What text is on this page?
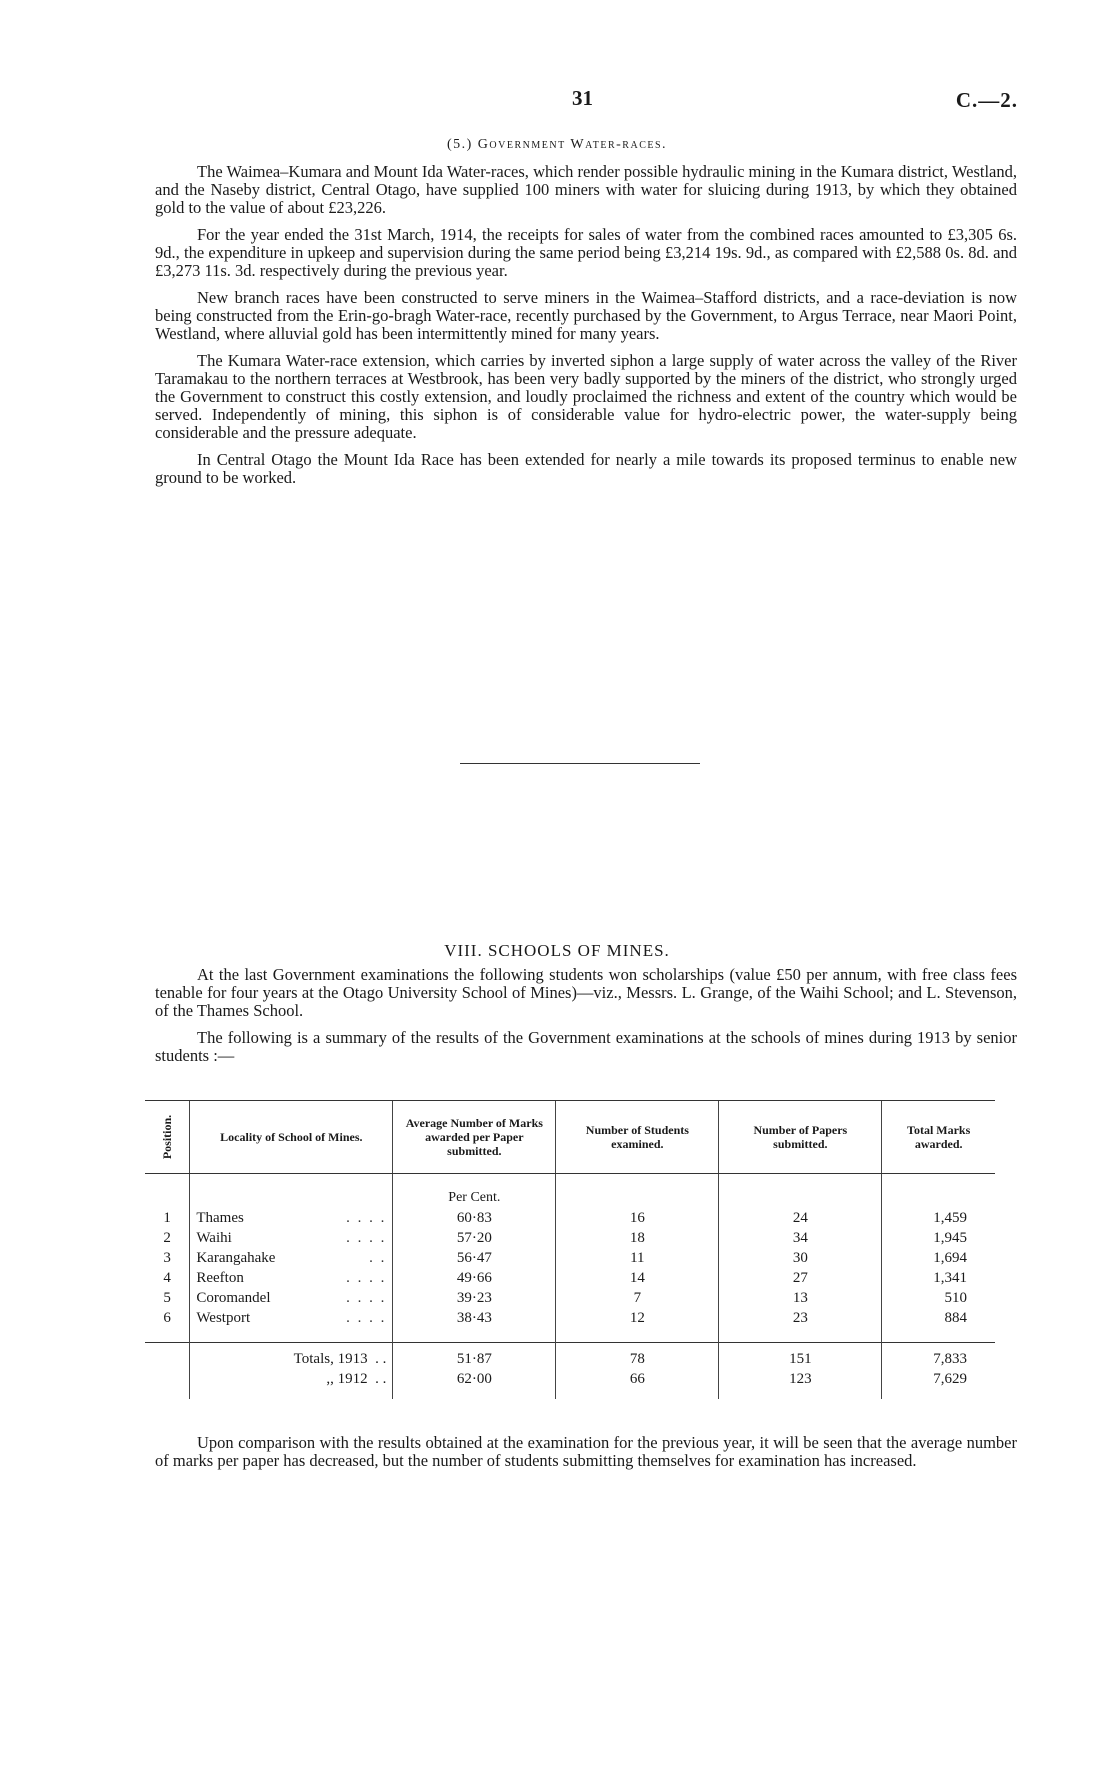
31	C.—2.
(5.) Government Water-races.

The Waimea–Kumara and Mount Ida Water-races, which render possible hydraulic mining in the Kumara district, Westland, and the Naseby district, Central Otago, have supplied 100 miners with water for sluicing during 1913, by which they obtained gold to the value of about £23,226.

For the year ended the 31st March, 1914, the receipts for sales of water from the combined races amounted to £3,305 6s. 9d., the expenditure in upkeep and supervision during the same period being £3,214 19s. 9d., as compared with £2,588 0s. 8d. and £3,273 11s. 3d. respectively during the previous year.

New branch races have been constructed to serve miners in the Waimea–Stafford districts, and a race-deviation is now being constructed from the Erin-go-bragh Water-race, recently purchased by the Government, to Argus Terrace, near Maori Point, Westland, where alluvial gold has been intermittently mined for many years.

The Kumara Water-race extension, which carries by inverted siphon a large supply of water across the valley of the River Taramakau to the northern terraces at Westbrook, has been very badly supported by the miners of the district, who strongly urged the Government to construct this costly extension, and loudly proclaimed the richness and extent of the country which would be served. Independently of mining, this siphon is of considerable value for hydro-electric power, the water-supply being considerable and the pressure adequate.

In Central Otago the Mount Ida Race has been extended for nearly a mile towards its proposed terminus to enable new ground to be worked.

VIII. SCHOOLS OF MINES.

At the last Government examinations the following students won scholarships (value £50 per annum, with free class fees tenable for four years at the Otago University School of Mines)—viz., Messrs. L. Grange, of the Waihi School; and L. Stevenson, of the Thames School.

The following is a summary of the results of the Government examinations at the schools of mines during 1913 by senior students :—

Position.	Locality of School of Mines.	Average Number of Marks awarded per Paper submitted.	Number of Students examined.	Number of Papers submitted.	Total Marks awarded.

		Per Cent.			
1	Thames . . . .	60·83	16	24	1,459
2	Waihi . . . .	57·20	18	34	1,945
3	Karangahake . .	56·47	11	30	1,694
4	Reefton . . . .	49·66	14	27	1,341
5	Coromandel . . . .	39·23	7	13	510
6	Westport . . . .	38·43	12	23	884

	Totals, 1913 . .	51·87	78	151	7,833
	,, 1912 . .	62·00	66	123	7,629

Upon comparison with the results obtained at the examination for the previous year, it will be seen that the average number of marks per paper has decreased, but the number of students submitting themselves for examination has increased.
